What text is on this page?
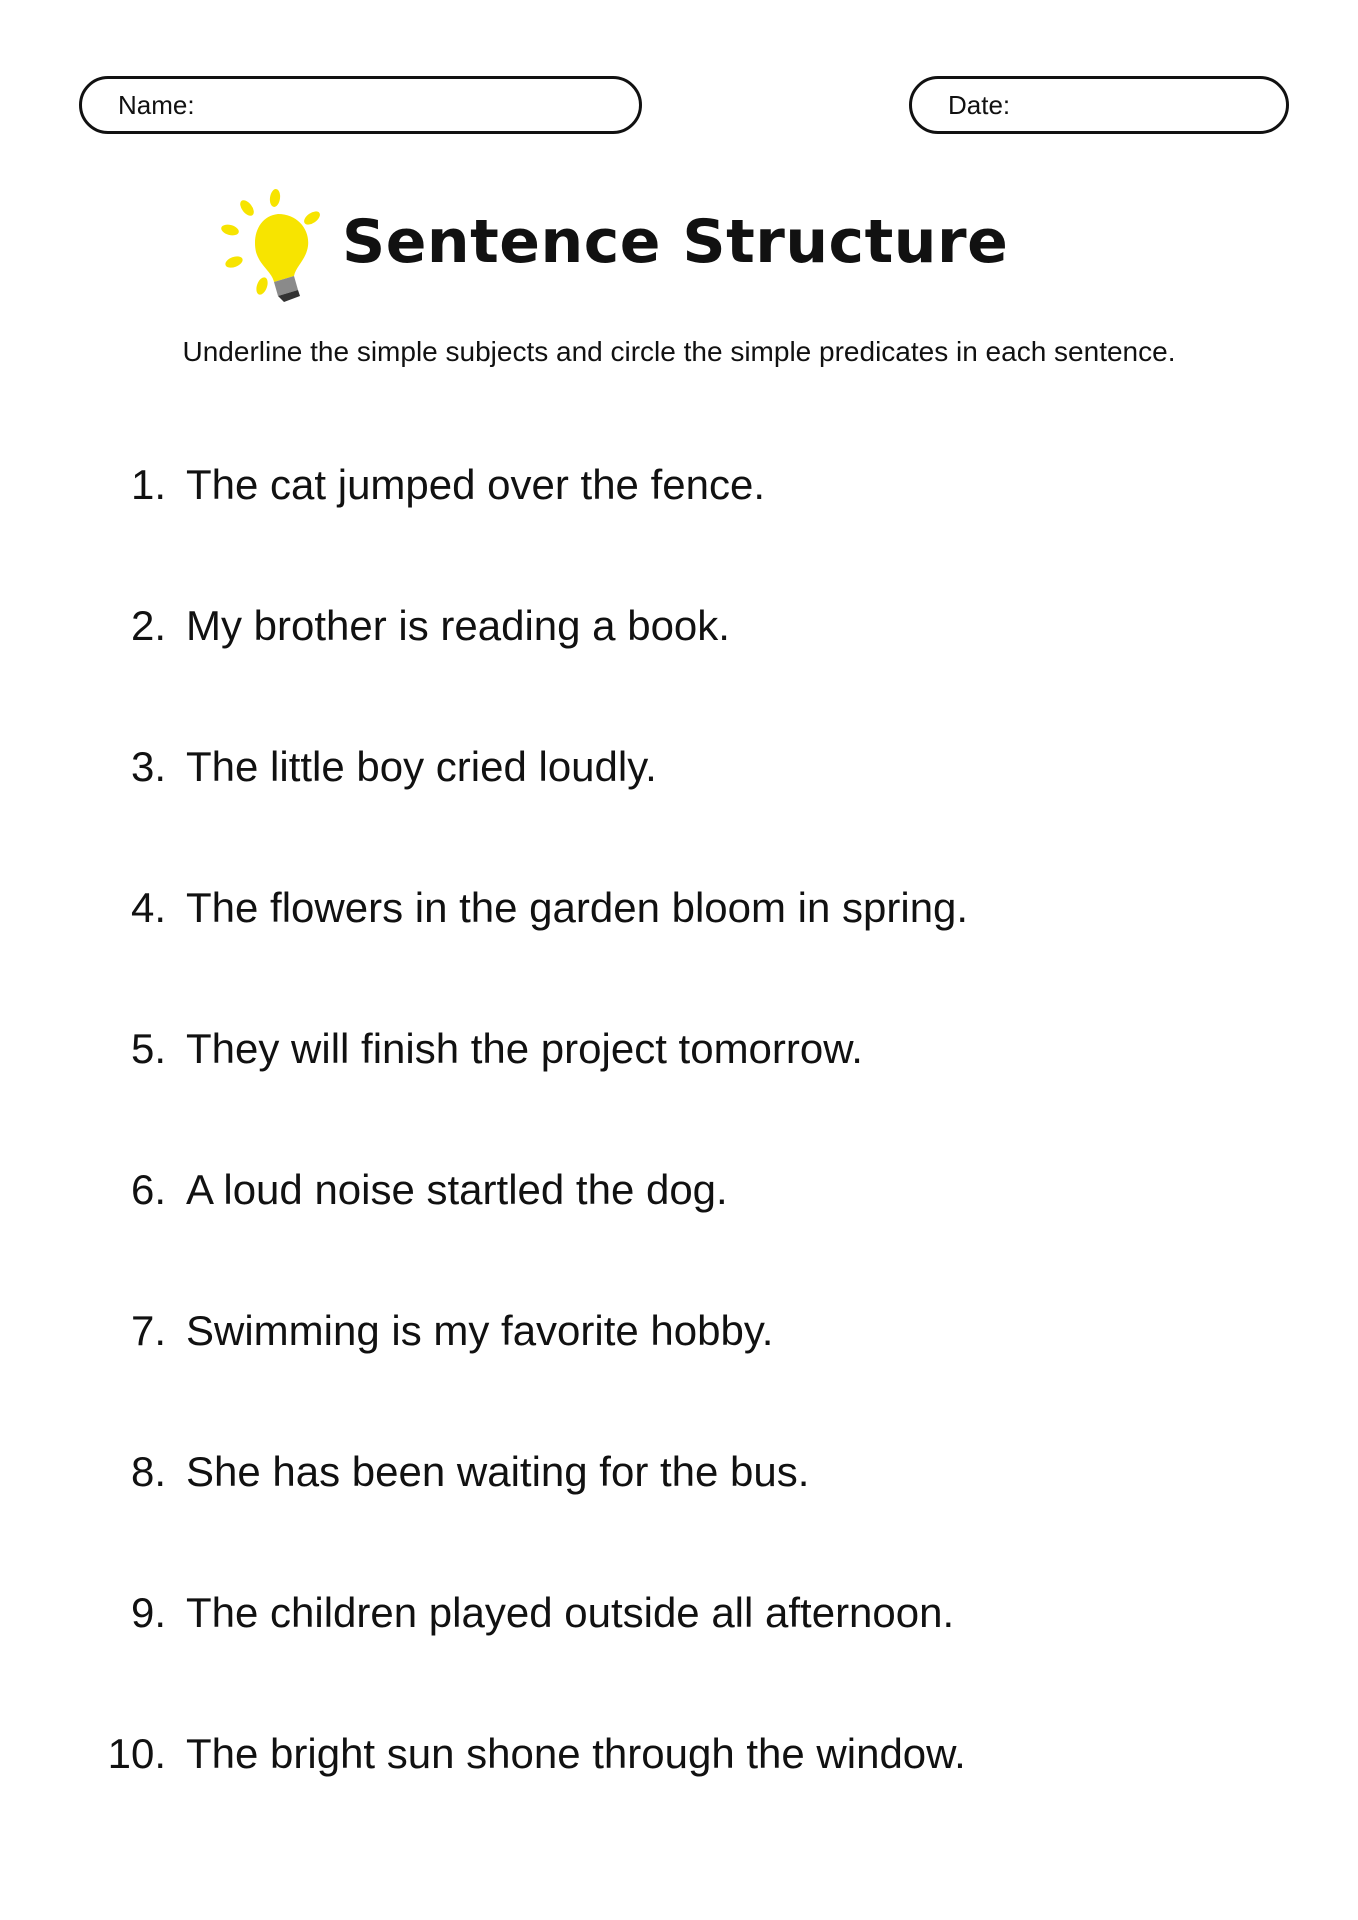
Name:	Date:
Sentence Structure
Underline the simple subjects and circle the simple predicates in each sentence.
1. The cat jumped over the fence.
2. My brother is reading a book.
3. The little boy cried loudly.
4. The flowers in the garden bloom in spring.
5. They will finish the project tomorrow.
6. A loud noise startled the dog.
7. Swimming is my favorite hobby.
8. She has been waiting for the bus.
9. The children played outside all afternoon.
10. The bright sun shone through the window.
